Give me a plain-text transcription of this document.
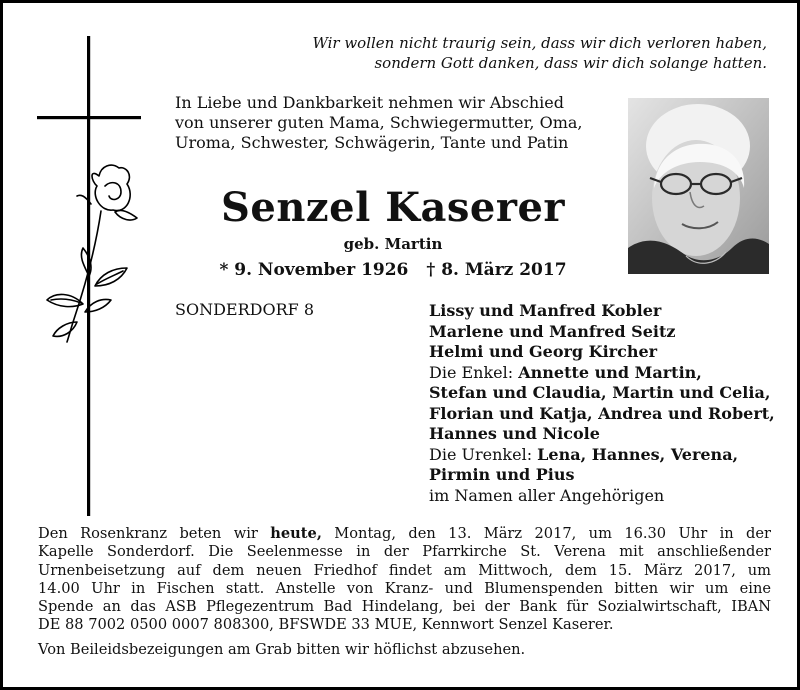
Wir wollen nicht traurig sein, dass wir dich verloren haben,
sondern Gott danken, dass wir dich solange hatten.
In Liebe und Dankbarkeit nehmen wir Abschied
von unserer guten Mama, Schwiegermutter, Oma,
Uroma, Schwester, Schwägerin, Tante und Patin
Senzel Kaserer
geb. Martin
* 9. November 1926 † 8. März 2017
SONDERDORF 8	Lissy und Manfred Kobler
Marlene und Manfred Seitz
Helmi und Georg Kircher
Die Enkel: Annette und Martin,
Stefan und Claudia, Martin und Celia,
Florian und Katja, Andrea und Robert,
Hannes und Nicole
Die Urenkel: Lena, Hannes, Verena,
Pirmin und Pius
im Namen aller Angehörigen
Den Rosenkranz beten wir heute, Montag, den 13. März 2017, um 16.30 Uhr in der
Kapelle Sonderdorf. Die Seelenmesse in der Pfarrkirche St. Verena mit anschließender
Urnenbeisetzung auf dem neuen Friedhof findet am Mittwoch, dem 15. März 2017, um
14.00 Uhr in Fischen statt. Anstelle von Kranz- und Blumenspenden bitten wir um eine
Spende an das ASB Pflegezentrum Bad Hindelang, bei der Bank für Sozialwirtschaft, IBAN
DE 88 7002 0500 0007 808300, BFSWDE 33 MUE, Kennwort Senzel Kaserer.
Von Beileidsbezeigungen am Grab bitten wir höflichst abzusehen.
